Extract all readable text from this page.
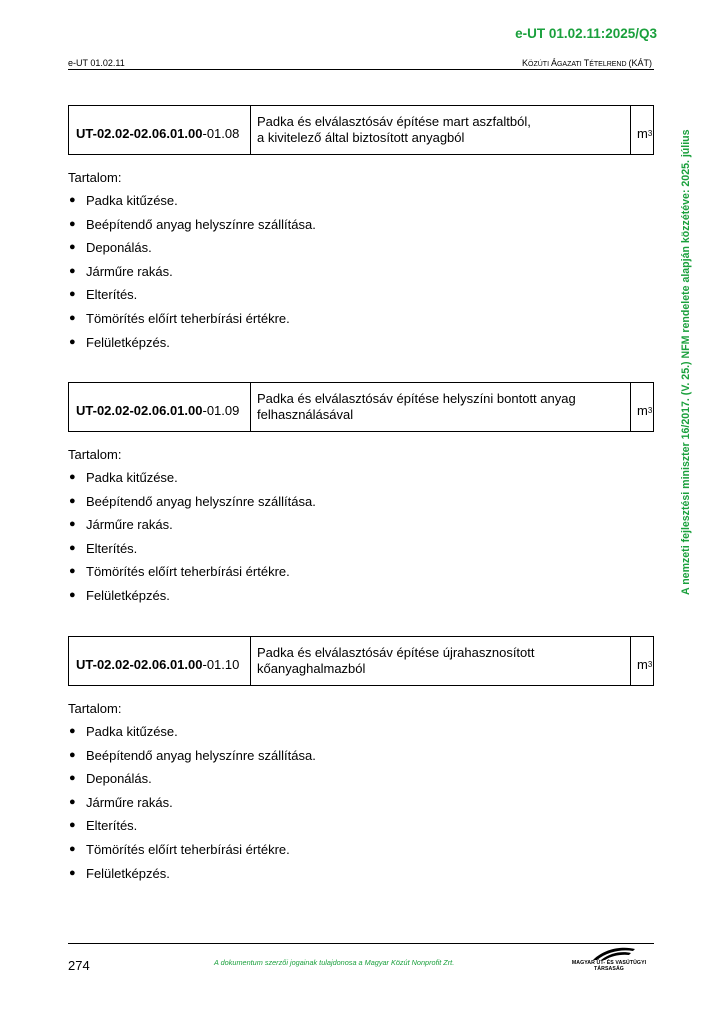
e-UT 01.02.11:2025/Q3
e-UT 01.02.11	KÖZÚTI ÁGAZATI TÉTELREND (KÁT)
A nemzeti fejlesztési miniszter 16/2017. (V. 25.) NFM rendelete alapján közzétéve: 2025. július
UT-02.02-02.06.01.00 -01.08
Padka és elválasztósáv építése mart aszfaltból,
a kivitelező által biztosított anyagból	m 3
Tartalom:
● Padka kitűzése.
● Beépítendő anyag helyszínre szállítása.
● Deponálás.
● Járműre rakás.
● Elterítés.
● Tömörítés előírt teherbírási értékre.
● Felületképzés.
UT-02.02-02.06.01.00 -01.09
Padka és elválasztósáv építése helyszíni bontott anyag
felhasználásával	m 3
Tartalom:
● Padka kitűzése.
● Beépítendő anyag helyszínre szállítása.
● Járműre rakás.
● Elterítés.
● Tömörítés előírt teherbírási értékre.
● Felületképzés.
UT-02.02-02.06.01.00 -01.10
Padka és elválasztósáv építése újrahasznosított
kőanyaghalmazból	m 3
Tartalom:
● Padka kitűzése.
● Beépítendő anyag helyszínre szállítása.
● Deponálás.
● Járműre rakás.
● Elterítés.
● Tömörítés előírt teherbírási értékre.
● Felületképzés.
274	A dokumentum szerzői jogainak tulajdonosa a Magyar Közút Nonprofit Zrt.	MAGYAR ÚT- ÉS VASÚTÜGYI TÁRSASÁG
